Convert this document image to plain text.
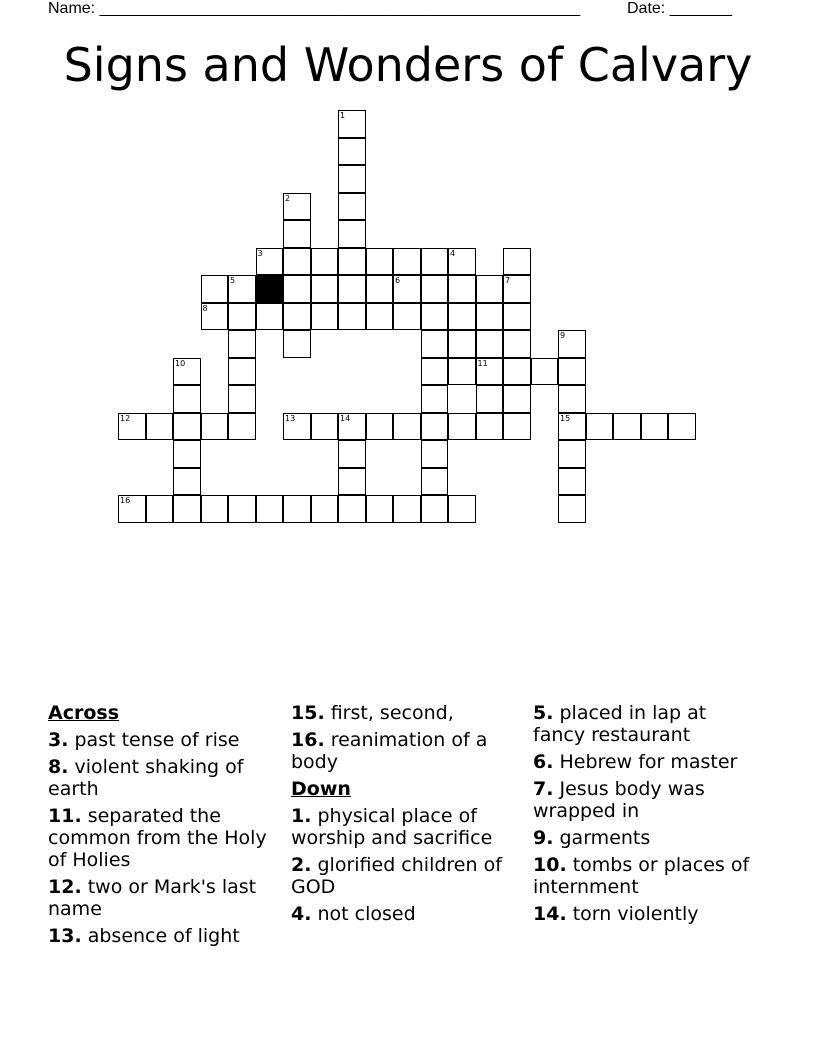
Name: ______________________________________________________	Date: _______
Signs and Wonders of Calvary
1
2
3
5	6
4
11
7
9
15
10
12	13	14
16
8
Across
3. past tense of rise
8. violent shaking of earth
11. separated the common from the Holy of Holies
12. two or Mark's last name
13. absence of light
15. first, second,
16. reanimation of a body
Down
1. physical place of worship and sacrifice
2. glorified children of GOD
4. not closed
5. placed in lap at fancy restaurant
6. Hebrew for master
7. Jesus body was wrapped in
9. garments
10. tombs or places of internment
14. torn violently
